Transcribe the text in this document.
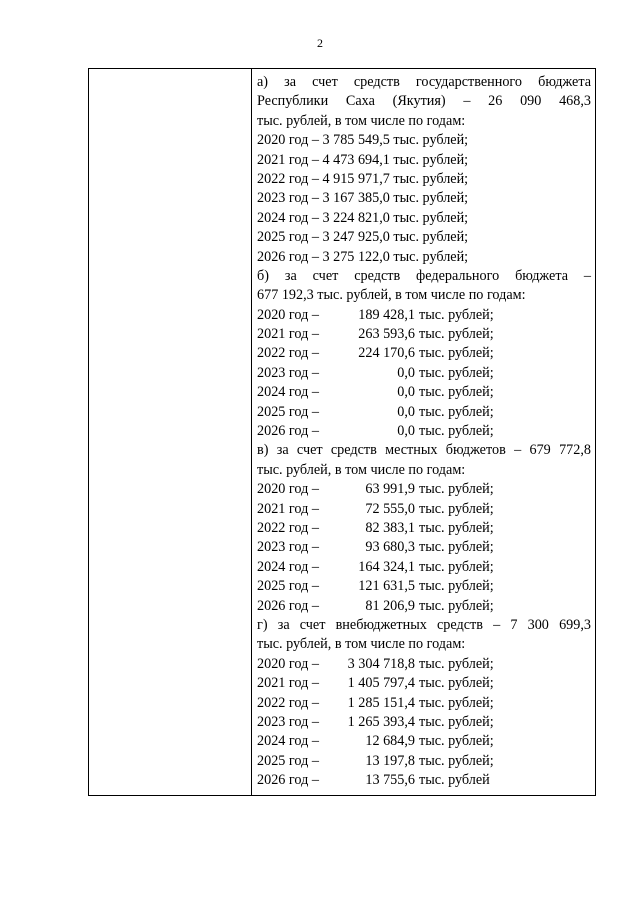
2
а) за счет средств государственного бюджета
Республики Саха (Якутия) – 26 090 468,3
тыс. рублей, в том числе по годам:
2020 год – 3 785 549,5 тыс. рублей;
2021 год – 4 473 694,1 тыс. рублей;
2022 год – 4 915 971,7 тыс. рублей;
2023 год – 3 167 385,0 тыс. рублей;
2024 год – 3 224 821,0 тыс. рублей;
2025 год – 3 247 925,0 тыс. рублей;
2026 год – 3 275 122,0 тыс. рублей;
б) за счет средств федерального бюджета –
677 192,3 тыс. рублей, в том числе по годам:
2020 год –	189 428,1 тыс. рублей;
2021 год –	263 593,6 тыс. рублей;
2022 год –	224 170,6 тыс. рублей;
2023 год –	0,0 тыс. рублей;
2024 год –	0,0 тыс. рублей;
2025 год –	0,0 тыс. рублей;
2026 год –	0,0 тыс. рублей;
в) за счет средств местных бюджетов – 679 772,8
тыс. рублей, в том числе по годам:
2020 год –	63 991,9 тыс. рублей;
2021 год –	72 555,0 тыс. рублей;
2022 год –	82 383,1 тыс. рублей;
2023 год –	93 680,3 тыс. рублей;
2024 год –	164 324,1 тыс. рублей;
2025 год –	121 631,5 тыс. рублей;
2026 год –	81 206,9 тыс. рублей;
г) за счет внебюджетных средств – 7 300 699,3
тыс. рублей, в том числе по годам:
2020 год – 3 304 718,8 тыс. рублей;
2021 год – 1 405 797,4 тыс. рублей;
2022 год – 1 285 151,4 тыс. рублей;
2023 год – 1 265 393,4 тыс. рублей;
2024 год –	12 684,9 тыс. рублей;
2025 год –	13 197,8 тыс. рублей;
2026 год –	13 755,6 тыс. рублей
